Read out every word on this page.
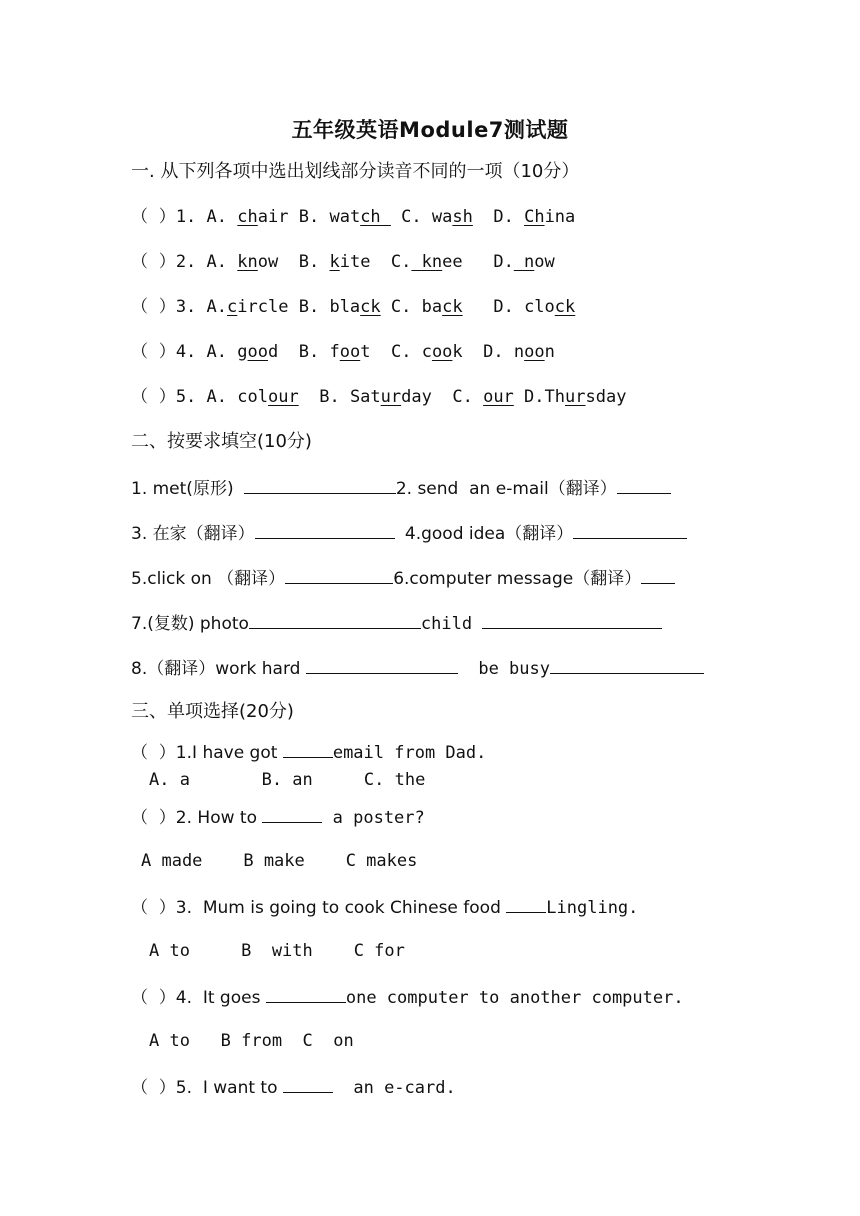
五年级英语Module7测试题
一. 从下列各项中选出划线部分读音不同的一项（10分）
（  ）1. A. chair B. watch  C. wash D. China
（  ）2. A. know B. kite C. knee D. now
（  ）3. A.circle B. black C. back D. clock
（  ）4. A. good B. foot C. cook D. noon
（  ）5. A. colour B. Saturday C. our D.Thursday
二、按要求填空(10分)
1. met(原形)	2. send  an e-mail（翻译）
3. 在家（翻译）	4.good idea（翻译）
5.click on （翻译）	6.computer message（翻译）
7.(复数) photo	child
8.（翻译）work hard	be busy
三、单项选择(20分)
（  ）1.I have got	email from Dad.
A. a       B. an     C. the
（  ）2. How to	a poster?
A made    B make    C makes
（  ）3.  Mum is going to cook Chinese food Lingling.
A to     B  with    C for
（  ）4.  It goes	one computer to another computer.
A to   B from  C  on
（  ）5.  I want to	an e-card.
